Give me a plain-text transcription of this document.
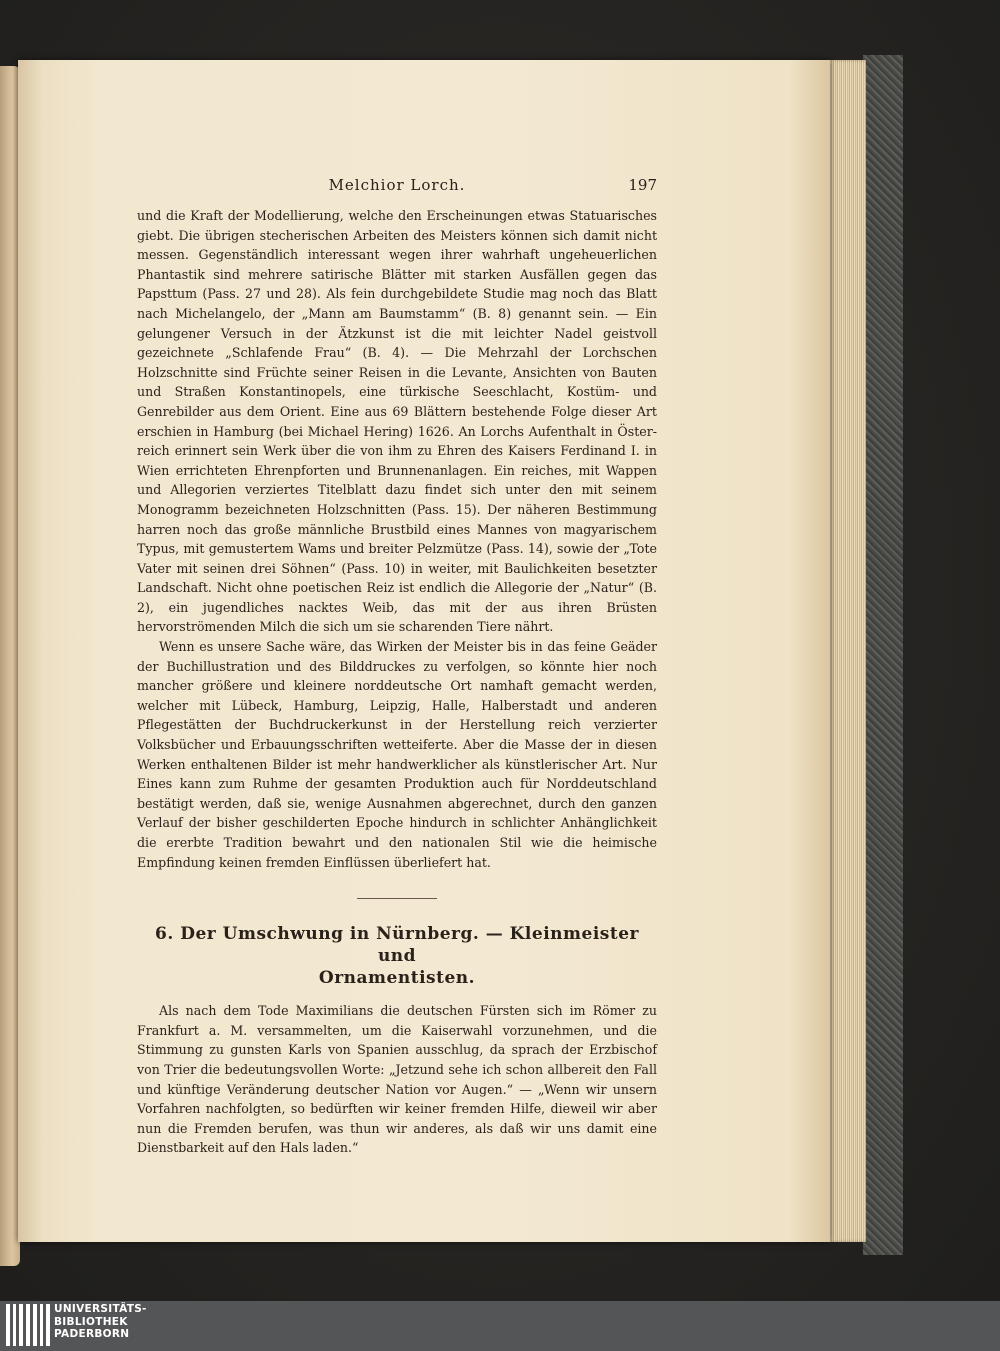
Melchior Lorch.	197

und die Kraft der Modellierung, welche den Erscheinungen etwas Statuarisches giebt. Die übrigen stecherischen Arbeiten des Meisters können sich damit nicht messen. Gegenständlich interessant wegen ihrer wahrhaft ungeheuerlichen Phantastik sind mehrere satirische Blätter mit starken Ausfällen gegen das Papsttum (Pass. 27 und 28). Als fein durchgebildete Studie mag noch das Blatt nach Michelangelo, der „Mann am Baumstamm“ (B. 8) genannt sein. — Ein gelungener Versuch in der Ätzkunst ist die mit leichter Nadel geistvoll gezeichnete „Schlafende Frau“ (B. 4). — Die Mehrzahl der Lorchschen Holzschnitte sind Früchte seiner Reisen in die Levante, Ansichten von Bauten und Straßen Konstantinopels, eine türkische Seeschlacht, Kostüm- und Genrebilder aus dem Orient. Eine aus 69 Blättern bestehende Folge dieser Art erschien in Hamburg (bei Michael Hering) 1626. An Lorchs Aufenthalt in Österreich erinnert sein Werk über die von ihm zu Ehren des Kaisers Ferdinand I. in Wien errichteten Ehrenpforten und Brunnenanlagen. Ein reiches, mit Wappen und Allegorien verziertes Titelblatt dazu findet sich unter den mit seinem Monogramm bezeichneten Holzschnitten (Pass. 15). Der näheren Bestimmung harren noch das große männliche Brustbild eines Mannes von magyarischem Typus, mit gemustertem Wams und breiter Pelzmütze (Pass. 14), sowie der „Tote Vater mit seinen drei Söhnen“ (Pass. 10) in weiter, mit Baulichkeiten besetzter Landschaft. Nicht ohne poetischen Reiz ist endlich die Allegorie der „Natur“ (B. 2), ein jugendliches nacktes Weib, das mit der aus ihren Brüsten hervorströmenden Milch die sich um sie scharenden Tiere nährt.

Wenn es unsere Sache wäre, das Wirken der Meister bis in das feine Geäder der Buchillustration und des Bilddruckes zu verfolgen, so könnte hier noch mancher größere und kleinere norddeutsche Ort namhaft gemacht werden, welcher mit Lübeck, Hamburg, Leipzig, Halle, Halberstadt und anderen Pflegestätten der Buchdruckerkunst in der Herstellung reich verzierter Volksbücher und Erbauungsschriften wetteiferte. Aber die Masse der in diesen Werken enthaltenen Bilder ist mehr handwerklicher als künstlerischer Art. Nur Eines kann zum Ruhme der gesamten Produktion auch für Norddeutschland bestätigt werden, daß sie, wenige Ausnahmen abgerechnet, durch den ganzen Verlauf der bisher geschilderten Epoche hindurch in schlichter Anhänglichkeit die ererbte Tradition bewahrt und den nationalen Stil wie die heimische Empfindung keinen fremden Einflüssen überliefert hat.

6. Der Umschwung in Nürnberg. — Kleinmeister und
Ornamentisten.

Als nach dem Tode Maximilians die deutschen Fürsten sich im Römer zu Frankfurt a. M. versammelten, um die Kaiserwahl vorzunehmen, und die Stimmung zu gunsten Karls von Spanien ausschlug, da sprach der Erzbischof von Trier die bedeutungsvollen Worte: „Jetzund sehe ich schon allbereit den Fall und künftige Veränderung deutscher Nation vor Augen.“ — „Wenn wir unsern Vorfahren nachfolgten, so bedürften wir keiner fremden Hilfe, dieweil wir aber nun die Fremden berufen, was thun wir anderes, als daß wir uns damit eine Dienstbarkeit auf den Hals laden.“

UNIVERSITÄTS-
BIBLIOTHEK
PADERBORN
